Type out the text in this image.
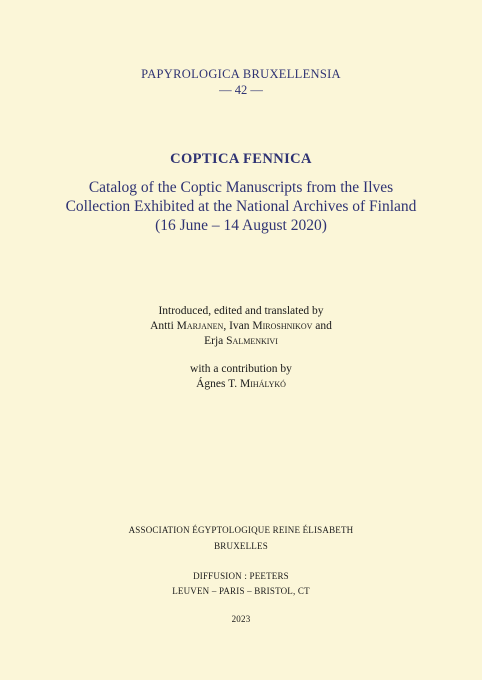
PAPYROLOGICA BRUXELLENSIA
— 42 —
COPTICA FENNICA
Catalog of the Coptic Manuscripts from the Ilves
Collection Exhibited at the National Archives of Finland
(16 June – 14 August 2020)
Introduced, edited and translated by
Antti Marjanen, Ivan Miroshnikov and
Erja Salmenkivi
with a contribution by
Ágnes T. Mihálykó
ASSOCIATION ÉGYPTOLOGIQUE REINE ÉLISABETH
BRUXELLES
DIFFUSION : PEETERS
LEUVEN – PARIS – BRISTOL, CT
2023
